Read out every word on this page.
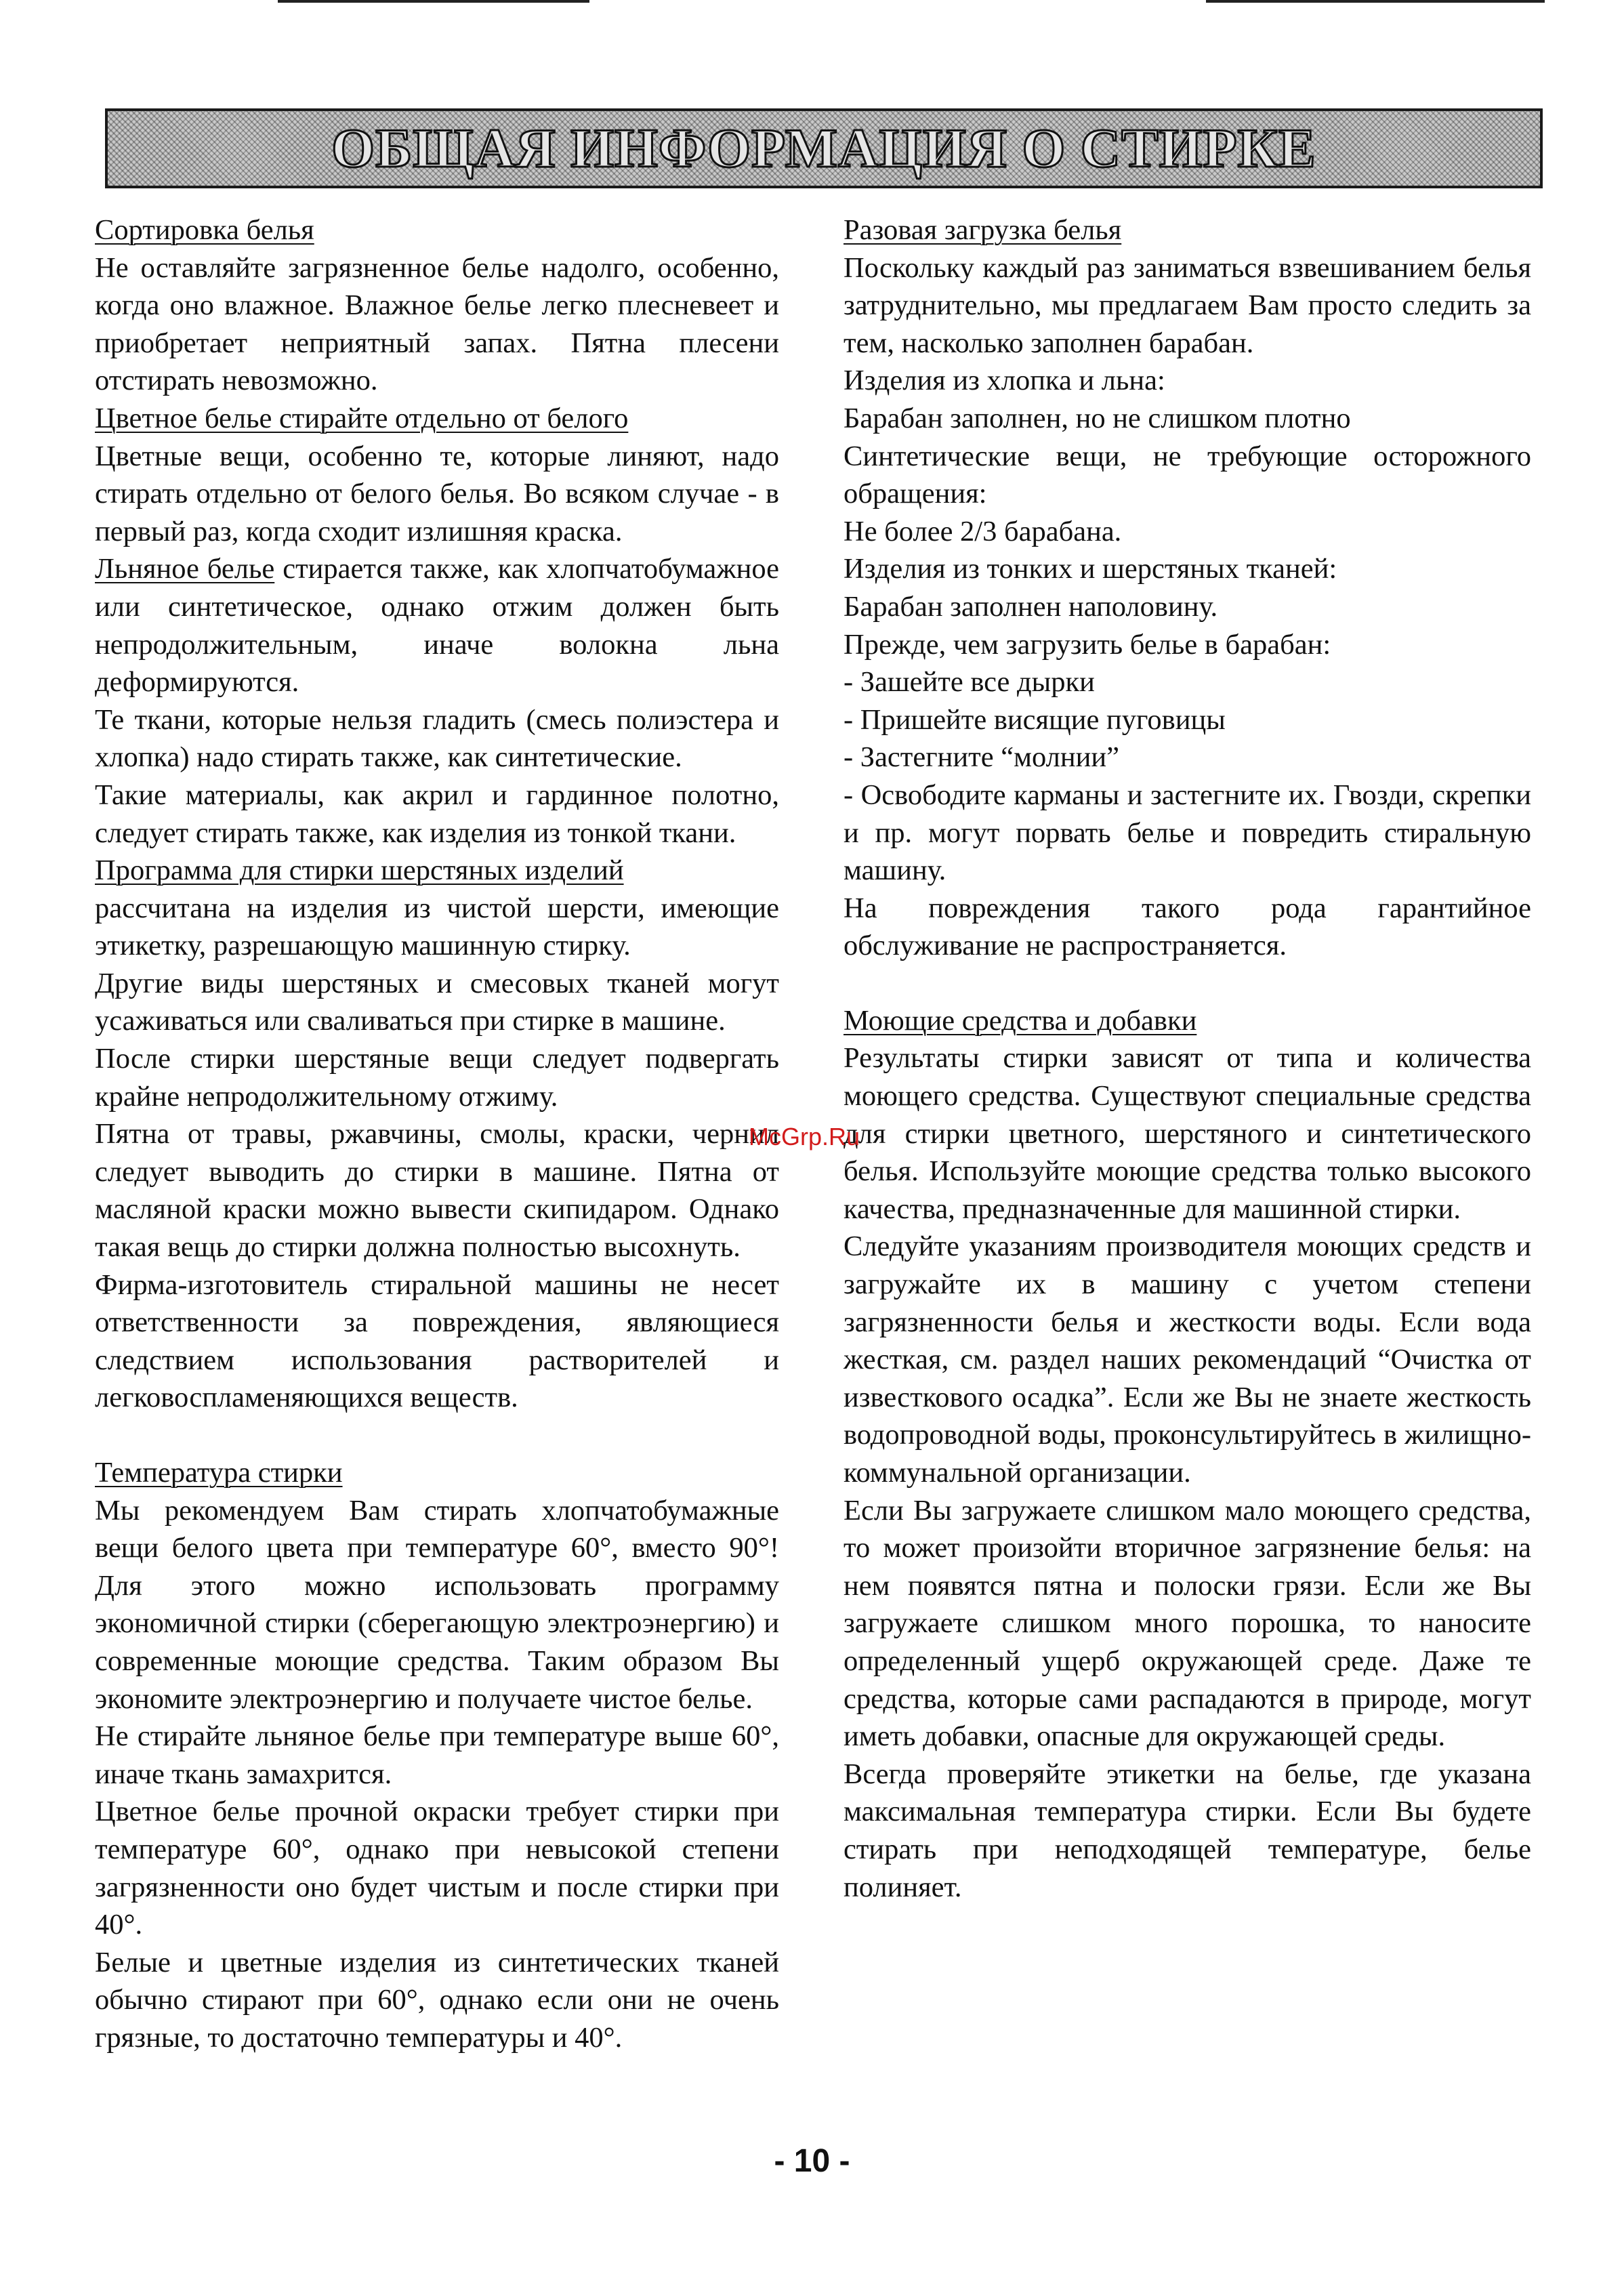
ОБЩАЯ ИНФОРМАЦИЯ О СТИРКЕ
Сортировка белья
Не оставляйте загрязненное белье надолго, особенно, когда оно влажное. Влажное белье легко плесневеет и приобретает неприятный запах. Пятна плесени отстирать невозможно.
Цветное белье стирайте отдельно от белого
Цветные вещи, особенно те, которые линяют, надо стирать отдельно от белого белья. Во всяком случае - в первый раз, когда сходит излишняя краска.
Льняное белье стирается также, как хлопчатобумажное или синтетическое, однако отжим должен быть непродолжительным, иначе волокна льна деформируются.
Те ткани, которые нельзя гладить (смесь полиэстера и хлопка) надо стирать также, как синтетические.
Такие материалы, как акрил и гардинное полотно, следует стирать также, как изделия из тонкой ткани.
Программа для стирки шерстяных изделий
рассчитана на изделия из чистой шерсти, имеющие этикетку, разрешающую машинную стирку.
Другие виды шерстяных и смесовых тканей могут усаживаться или сваливаться при стирке в машине.
После стирки шерстяные вещи следует подвергать крайне непродолжительному отжиму.
Пятна от травы, ржавчины, смолы, краски, чернил следует выводить до стирки в машине. Пятна от масляной краски можно вывести скипидаром. Однако такая вещь до стирки должна полностью высохнуть.
Фирма-изготовитель стиральной машины не несет ответственности за повреждения, являющиеся следствием использования растворителей и легковоспламеняющихся веществ.
Температура стирки
Мы рекомендуем Вам стирать хлопчатобумажные вещи белого цвета при температуре 60°, вместо 90°! Для этого можно использовать программу экономичной стирки (сберегающую электроэнергию) и современные моющие средства. Таким образом Вы экономите электроэнергию и получаете чистое белье.
Не стирайте льняное белье при температуре выше 60°, иначе ткань замахрится.
Цветное белье прочной окраски требует стирки при температуре 60°, однако при невысокой степени загрязненности оно будет чистым и после стирки при 40°.
Белые и цветные изделия из синтетических тканей обычно стирают при 60°, однако если они не очень грязные, то достаточно температуры и 40°.
Разовая загрузка белья
Поскольку каждый раз заниматься взвешиванием белья затруднительно, мы предлагаем Вам просто следить за тем, насколько заполнен барабан.
Изделия из хлопка и льна:
Барабан заполнен, но не слишком плотно
Синтетические вещи, не требующие осторожного обращения:
Не более 2/3 барабана.
Изделия из тонких и шерстяных тканей:
Барабан заполнен наполовину.
Прежде, чем загрузить белье в барабан:
- Зашейте все дырки
- Пришейте висящие пуговицы
- Застегните “молнии”
- Освободите карманы и застегните их. Гвозди, скрепки и пр. могут порвать белье и повредить стиральную машину.
На повреждения такого рода гарантийное обслуживание не распространяется.
Моющие средства и добавки
Результаты стирки зависят от типа и количества моющего средства. Существуют специальные средства для стирки цветного, шерстяного и синтетического белья. Используйте моющие средства только высокого качества, предназначенные для машинной стирки.
Следуйте указаниям производителя моющих средств и загружайте их в машину с учетом степени загрязненности белья и жесткости воды. Если вода жесткая, см. раздел наших рекомендаций “Очистка от известкового осадка”. Если же Вы не знаете жесткость водопроводной воды, проконсультируйтесь в жилищно-коммунальной организации.
Если Вы загружаете слишком мало моющего средства, то может произойти вторичное загрязнение белья: на нем появятся пятна и полоски грязи. Если же Вы загружаете слишком много порошка, то наносите определенный ущерб окружающей среде. Даже те средства, которые сами распадаются в природе, могут иметь добавки, опасные для окружающей среды.
Всегда проверяйте этикетки на белье, где указана максимальная температура стирки. Если Вы будете стирать при неподходящей температуре, белье полиняет.
McGrp.Ru
- 10 -
